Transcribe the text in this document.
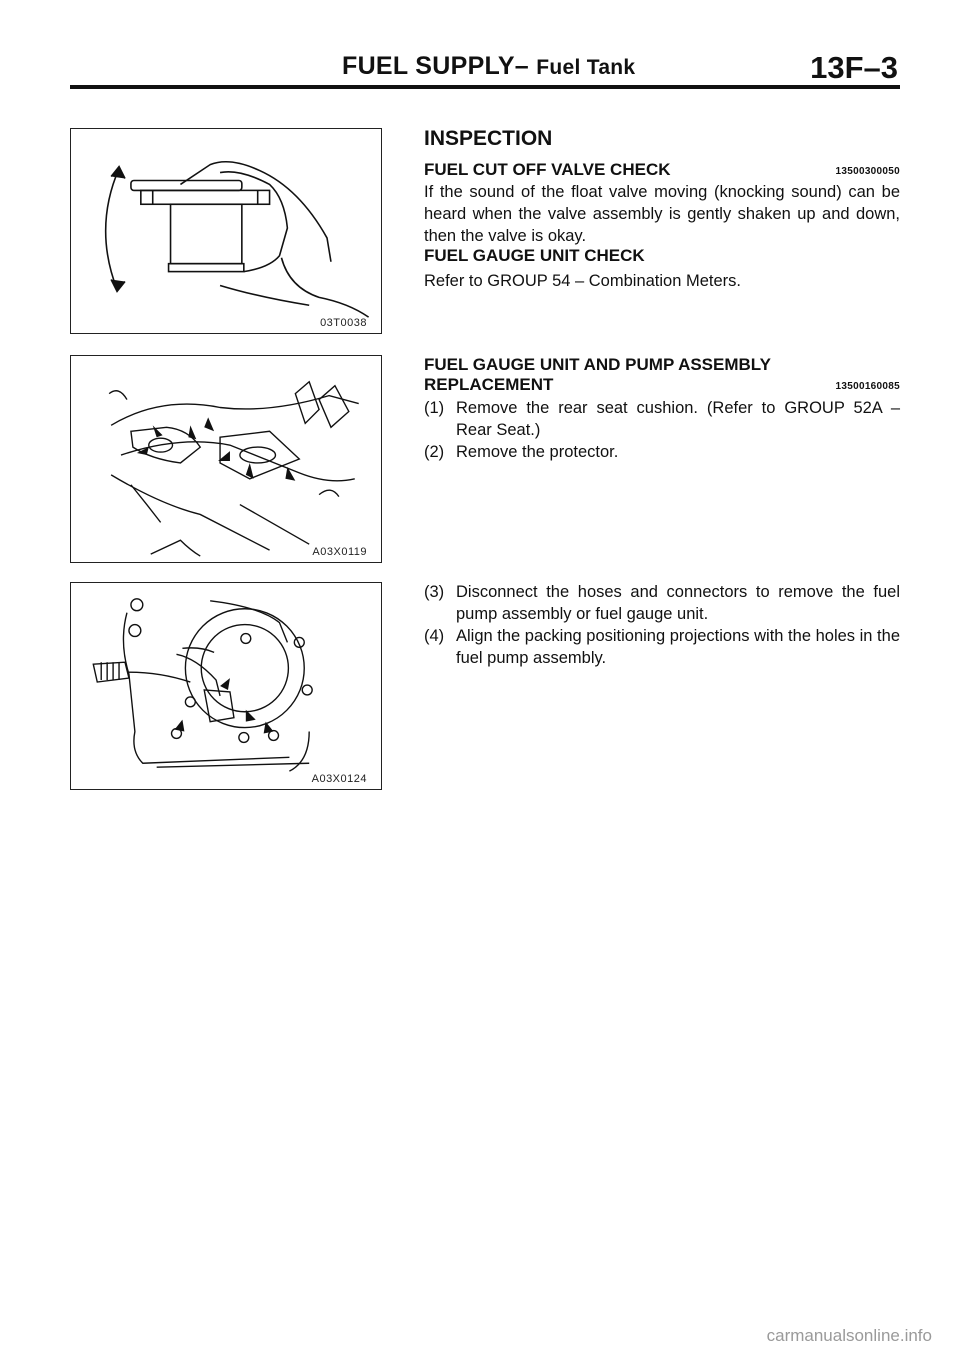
FUEL SUPPLY– Fuel Tank	13F–3
03T0038
A03X0119
A03X0124
INSPECTION
FUEL CUT OFF VALVE CHECK	13500300050
If the sound of the float valve moving (knocking sound) can be heard when the valve assembly is gently shaken up and down, then the valve is okay.
FUEL GAUGE UNIT CHECK
Refer to GROUP 54 – Combination Meters.
FUEL GAUGE UNIT AND PUMP ASSEMBLY
REPLACEMENT	13500160085
(1) Remove the rear seat cushion. (Refer to GROUP 52A – Rear Seat.)
(2) Remove the protector.
(3) Disconnect the hoses and connectors to remove the fuel pump assembly or fuel gauge unit.
(4) Align the packing positioning projections with the holes in the fuel pump assembly.
carmanualsonline.info
